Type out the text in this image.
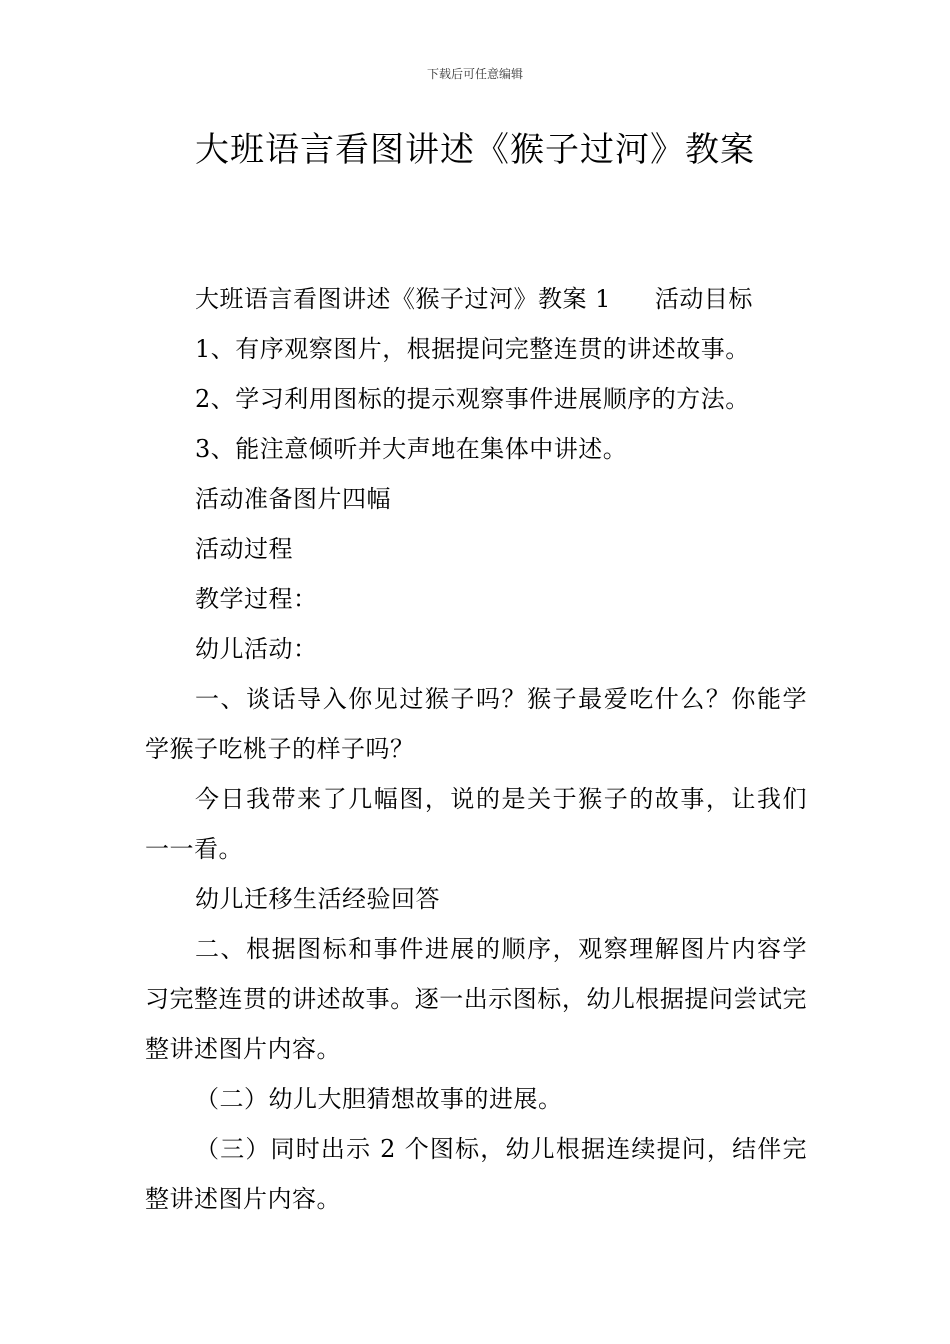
下载后可任意编辑
大班语言看图讲述《猴子过河》教案

大班语言看图讲述《猴子过河》教案 1 活动目标

1、有序观察图片，根据提问完整连贯的讲述故事。

2、学习利用图标的提示观察事件进展顺序的方法。

3、能注意倾听并大声地在集体中讲述。

活动准备图片四幅

活动过程

教学过程：

幼儿活动：

一、谈话导入你见过猴子吗？猴子最爱吃什么？你能学学猴子吃桃子的样子吗？

今日我带来了几幅图，说的是关于猴子的故事，让我们一一看。

幼儿迁移生活经验回答

二、根据图标和事件进展的顺序，观察理解图片内容学习完整连贯的讲述故事。逐一出示图标，幼儿根据提问尝试完整讲述图片内容。

（二）幼儿大胆猜想故事的进展。

（三）同时出示 2 个图标，幼儿根据连续提问，结伴完整讲述图片内容。
